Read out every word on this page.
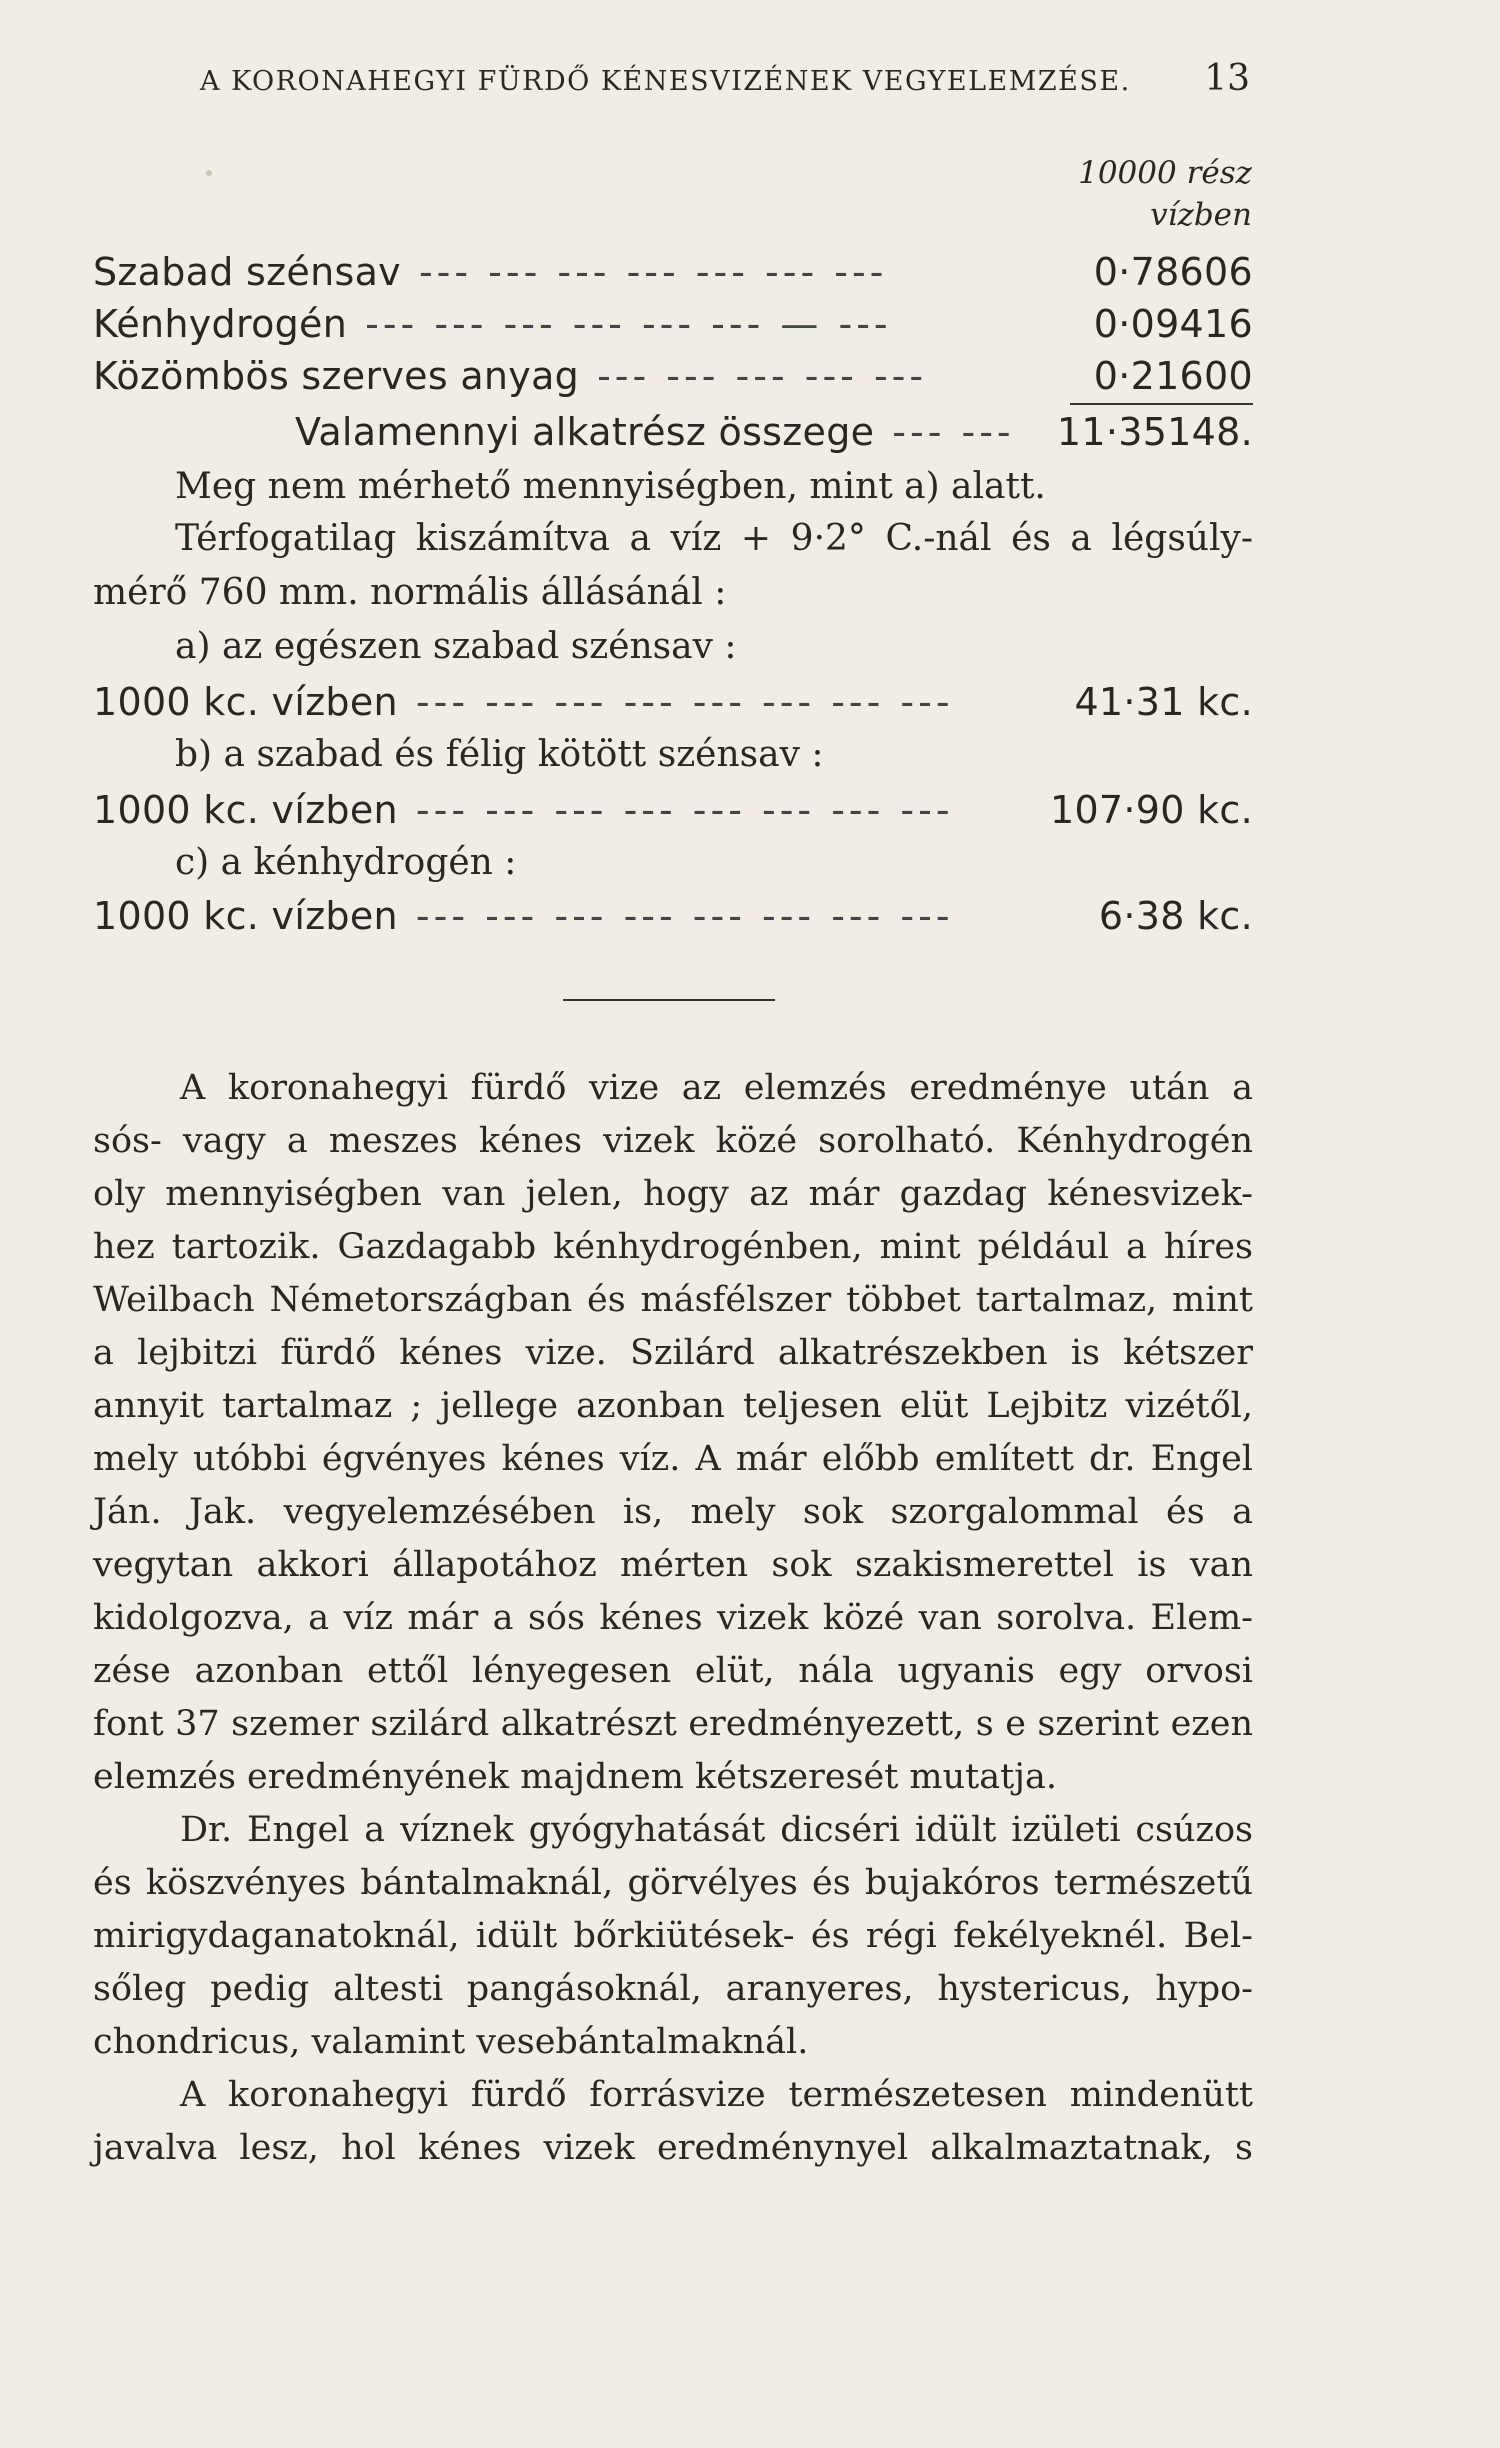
A KORONAHEGYI FÜRDŐ KÉNESVIZÉNEK VEGYELEMZÉSE. 13
10000 rész
vízben
Szabad szénsav --- --- --- --- --- --- ---	0·78606
Kénhydrogén --- --- --- --- --- --- — ---	0·09416
Közömbös szerves anyag --- --- --- --- ---	0·21600
Valamennyi alkatrész összege --- ---	11·35148.
Meg nem mérhető mennyiségben, mint a) alatt.
Térfogatilag kiszámítva a víz + 9·2° C.-nál és a légsúly-
mérő 760 mm. normális állásánál :
a) az egészen szabad szénsav :
1000 kc. vízben --- --- --- --- --- --- --- ---	41·31 kc.
b) a szabad és félig kötött szénsav :
1000 kc. vízben --- --- --- --- --- --- --- ---	107·90 kc.
c) a kénhydrogén :
1000 kc. vízben --- --- --- --- --- --- --- ---	6·38 kc.
A koronahegyi fürdő vize az elemzés eredménye után a
sós- vagy a meszes kénes vizek közé sorolható. Kénhydrogén
oly mennyiségben van jelen, hogy az már gazdag kénesvizek-
hez tartozik. Gazdagabb kénhydrogénben, mint például a híres
Weilbach Németországban és másfélszer többet tartalmaz, mint
a lejbitzi fürdő kénes vize. Szilárd alkatrészekben is kétszer
annyit tartalmaz ; jellege azonban teljesen elüt Lejbitz vizétől,
mely utóbbi égvényes kénes víz. A már előbb említett dr. Engel
Ján. Jak. vegyelemzésében is, mely sok szorgalommal és a
vegytan akkori állapotához mérten sok szakismerettel is van
kidolgozva, a víz már a sós kénes vizek közé van sorolva. Elem-
zése azonban ettől lényegesen elüt, nála ugyanis egy orvosi
font 37 szemer szilárd alkatrészt eredményezett, s e szerint ezen
elemzés eredményének majdnem kétszeresét mutatja.
Dr. Engel a víznek gyógyhatását dicséri idült izületi csúzos
és köszvényes bántalmaknál, görvélyes és bujakóros természetű
mirigydaganatoknál, idült bőrkiütések- és régi fekélyeknél. Bel-
sőleg pedig altesti pangásoknál, aranyeres, hystericus, hypo-
chondricus, valamint vesebántalmaknál.
A koronahegyi fürdő forrásvize természetesen mindenütt
javalva lesz, hol kénes vizek eredménynyel alkalmaztatnak, s
